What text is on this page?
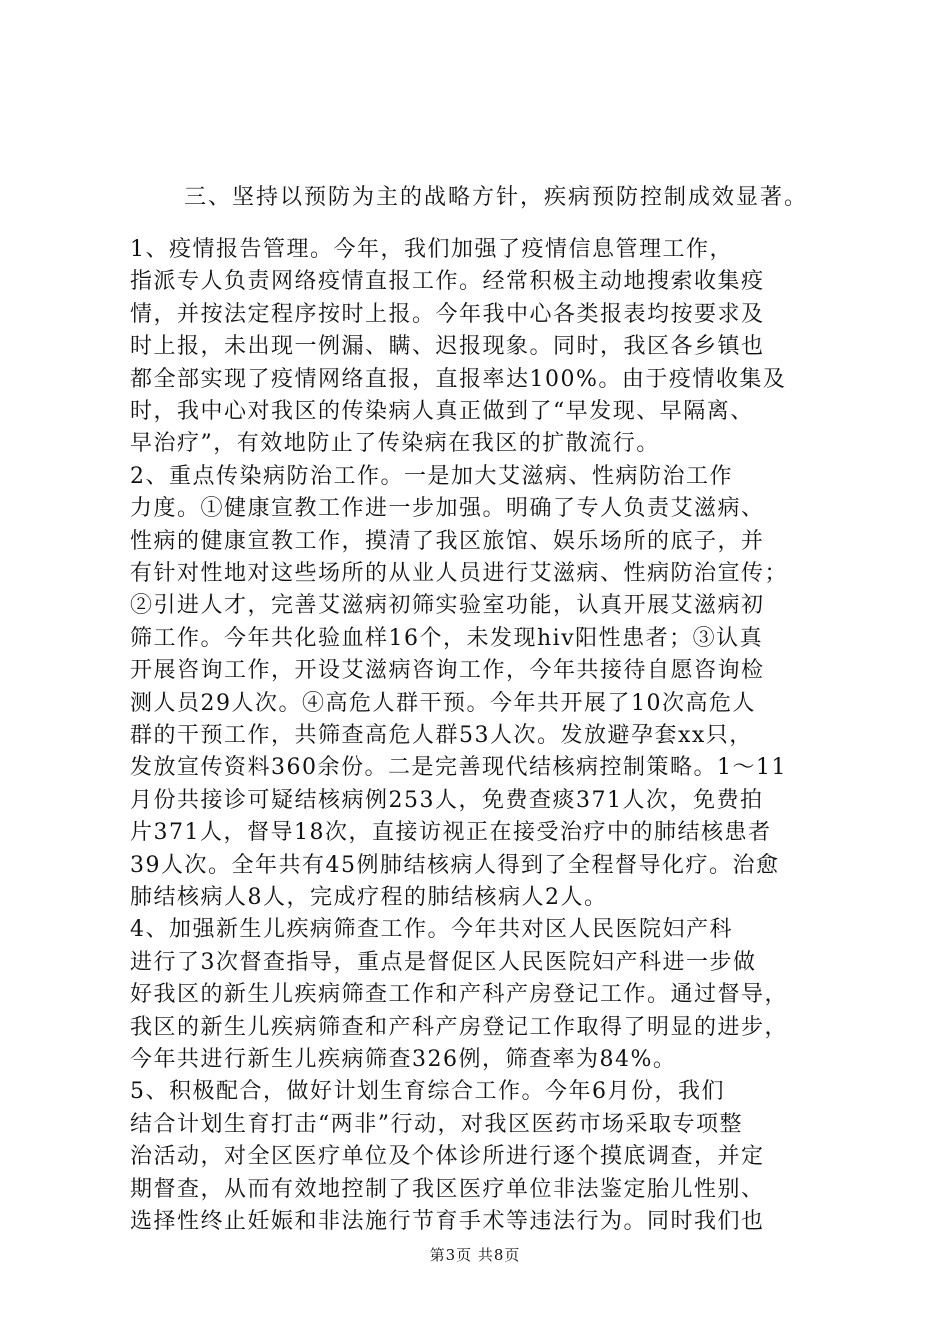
三、坚持以预防为主的战略方针，疾病预防控制成效显著。
1、疫情报告管理。今年，我们加强了疫情信息管理工作，
指派专人负责网络疫情直报工作。经常积极主动地搜索收集疫
情，并按法定程序按时上报。今年我中心各类报表均按要求及
时上报，未出现一例漏、瞒、迟报现象。同时，我区各乡镇也
都全部实现了疫情网络直报，直报率达100%。由于疫情收集及
时，我中心对我区的传染病人真正做到了“早发现、早隔离、
早治疗”，有效地防止了传染病在我区的扩散流行。
2、重点传染病防治工作。一是加大艾滋病、性病防治工作
力度。①健康宣教工作进一步加强。明确了专人负责艾滋病、
性病的健康宣教工作，摸清了我区旅馆、娱乐场所的底子，并
有针对性地对这些场所的从业人员进行艾滋病、性病防治宣传；
②引进人才，完善艾滋病初筛实验室功能，认真开展艾滋病初
筛工作。今年共化验血样16个，未发现hiv阳性患者；③认真
开展咨询工作，开设艾滋病咨询工作，今年共接待自愿咨询检
测人员29人次。④高危人群干预。今年共开展了10次高危人
群的干预工作，共筛查高危人群53人次。发放避孕套xx只，
发放宣传资料360余份。二是完善现代结核病控制策略。1～11
月份共接诊可疑结核病例253人，免费查痰371人次，免费拍
片371人，督导18次，直接访视正在接受治疗中的肺结核患者
39人次。全年共有45例肺结核病人得到了全程督导化疗。治愈
肺结核病人8人，完成疗程的肺结核病人2人。
4、加强新生儿疾病筛查工作。今年共对区人民医院妇产科
进行了3次督查指导，重点是督促区人民医院妇产科进一步做
好我区的新生儿疾病筛查工作和产科产房登记工作。通过督导，
我区的新生儿疾病筛查和产科产房登记工作取得了明显的进步，
今年共进行新生儿疾病筛查326例，筛查率为84%。
5、积极配合，做好计划生育综合工作。今年6月份，我们
结合计划生育打击“两非”行动，对我区医药市场采取专项整
治活动，对全区医疗单位及个体诊所进行逐个摸底调查，并定
期督查，从而有效地控制了我区医疗单位非法鉴定胎儿性别、
选择性终止妊娠和非法施行节育手术等违法行为。同时我们也
第3页 共8页
